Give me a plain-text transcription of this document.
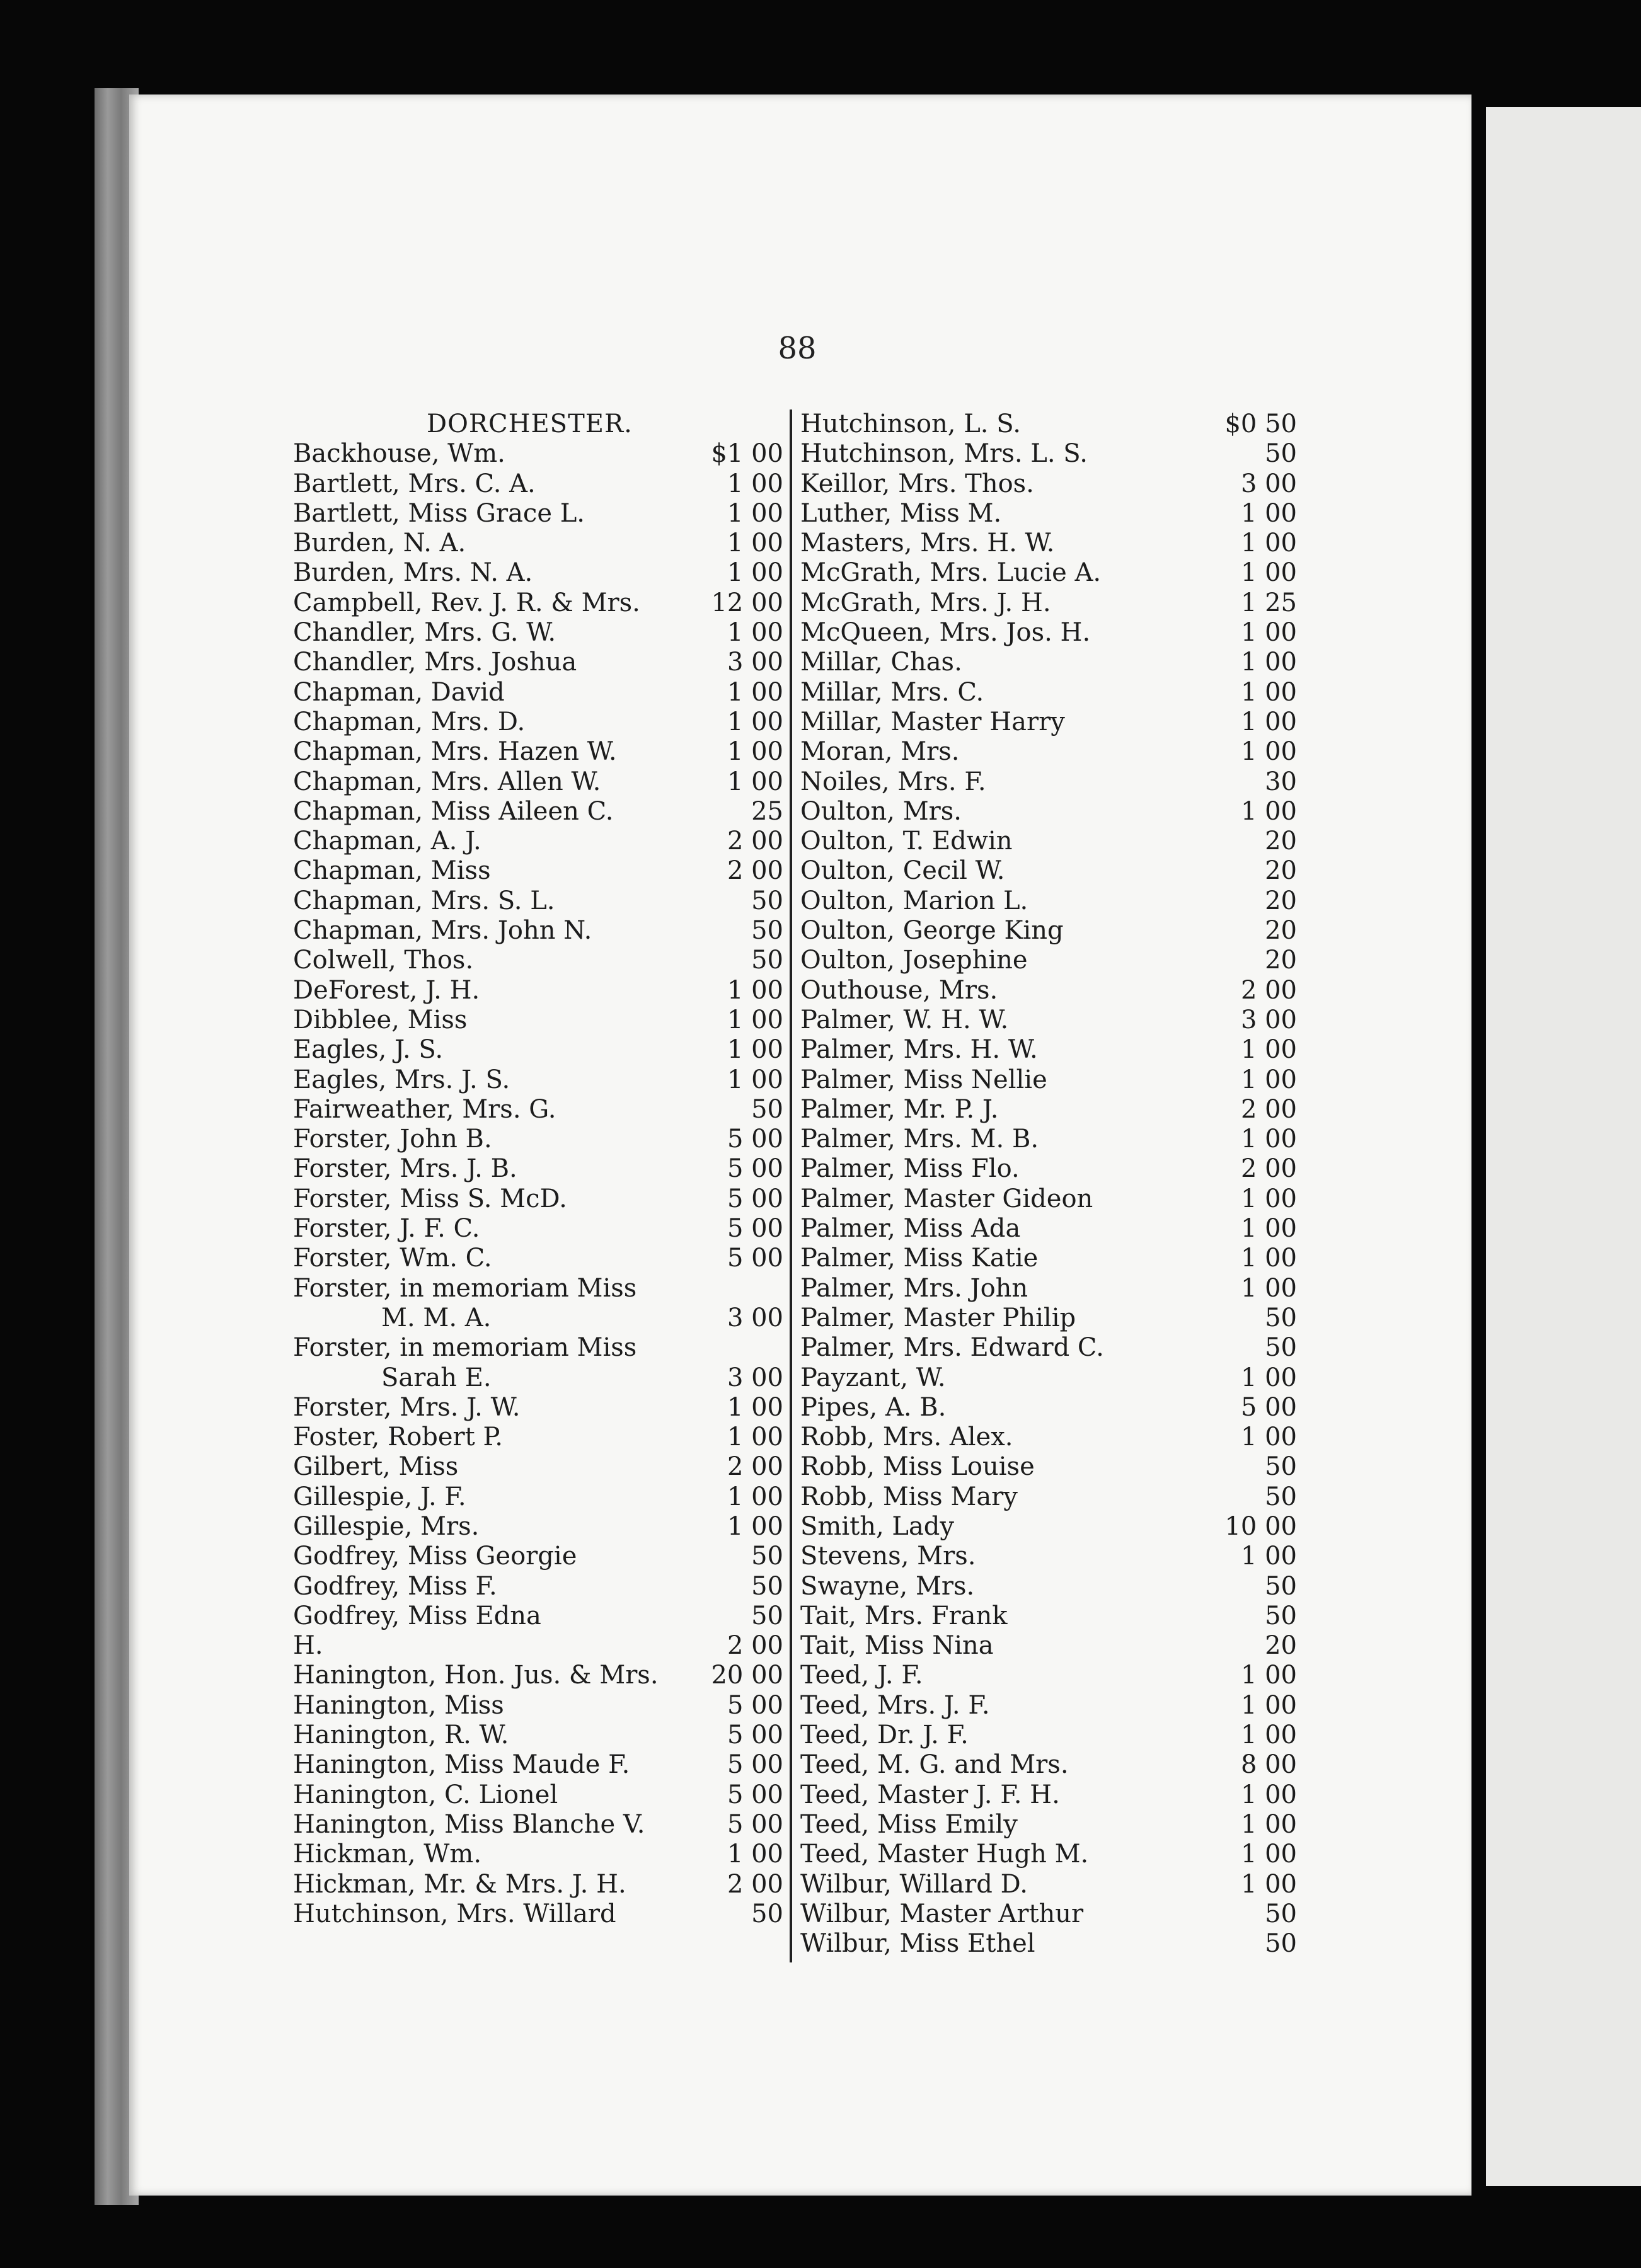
88
DORCHESTER.
Backhouse, Wm.	$1 00
Bartlett, Mrs. C. A.	1 00
Bartlett, Miss Grace L.	1 00
Burden, N. A.	1 00
Burden, Mrs. N. A.	1 00
Campbell, Rev. J. R. & Mrs.	12 00
Chandler, Mrs. G. W.	1 00
Chandler, Mrs. Joshua	3 00
Chapman, David	1 00
Chapman, Mrs. D.	1 00
Chapman, Mrs. Hazen W.	1 00
Chapman, Mrs. Allen W.	1 00
Chapman, Miss Aileen C.	25
Chapman, A. J.	2 00
Chapman, Miss	2 00
Chapman, Mrs. S. L.	50
Chapman, Mrs. John N.	50
Colwell, Thos.	50
DeForest, J. H.	1 00
Dibblee, Miss	1 00
Eagles, J. S.	1 00
Eagles, Mrs. J. S.	1 00
Fairweather, Mrs. G.	50
Forster, John B.	5 00
Forster, Mrs. J. B.	5 00
Forster, Miss S. McD.	5 00
Forster, J. F. C.	5 00
Forster, Wm. C.	5 00
Forster, in memoriam Miss
M. M. A.	3 00
Forster, in memoriam Miss
Sarah E.	3 00
Forster, Mrs. J. W.	1 00
Foster, Robert P.	1 00
Gilbert, Miss	2 00
Gillespie, J. F.	1 00
Gillespie, Mrs.	1 00
Godfrey, Miss Georgie	50
Godfrey, Miss F.	50
Godfrey, Miss Edna	50
H.	2 00
Hanington, Hon. Jus. & Mrs.	20 00
Hanington, Miss	5 00
Hanington, R. W.	5 00
Hanington, Miss Maude F.	5 00
Hanington, C. Lionel	5 00
Hanington, Miss Blanche V.	5 00
Hickman, Wm.	1 00
Hickman, Mr. & Mrs. J. H.	2 00
Hutchinson, Mrs. Willard	50
Hutchinson, L. S.	$0 50
Hutchinson, Mrs. L. S.	50
Keillor, Mrs. Thos.	3 00
Luther, Miss M.	1 00
Masters, Mrs. H. W.	1 00
McGrath, Mrs. Lucie A.	1 00
McGrath, Mrs. J. H.	1 25
McQueen, Mrs. Jos. H.	1 00
Millar, Chas.	1 00
Millar, Mrs. C.	1 00
Millar, Master Harry	1 00
Moran, Mrs.	1 00
Noiles, Mrs. F.	30
Oulton, Mrs.	1 00
Oulton, T. Edwin	20
Oulton, Cecil W.	20
Oulton, Marion L.	20
Oulton, George King	20
Oulton, Josephine	20
Outhouse, Mrs.	2 00
Palmer, W. H. W.	3 00
Palmer, Mrs. H. W.	1 00
Palmer, Miss Nellie	1 00
Palmer, Mr. P. J.	2 00
Palmer, Mrs. M. B.	1 00
Palmer, Miss Flo.	2 00
Palmer, Master Gideon	1 00
Palmer, Miss Ada	1 00
Palmer, Miss Katie	1 00
Palmer, Mrs. John	1 00
Palmer, Master Philip	50
Palmer, Mrs. Edward C.	50
Payzant, W.	1 00
Pipes, A. B.	5 00
Robb, Mrs. Alex.	1 00
Robb, Miss Louise	50
Robb, Miss Mary	50
Smith, Lady	10 00
Stevens, Mrs.	1 00
Swayne, Mrs.	50
Tait, Mrs. Frank	50
Tait, Miss Nina	20
Teed, J. F.	1 00
Teed, Mrs. J. F.	1 00
Teed, Dr. J. F.	1 00
Teed, M. G. and Mrs.	8 00
Teed, Master J. F. H.	1 00
Teed, Miss Emily	1 00
Teed, Master Hugh M.	1 00
Wilbur, Willard D.	1 00
Wilbur, Master Arthur	50
Wilbur, Miss Ethel	50
